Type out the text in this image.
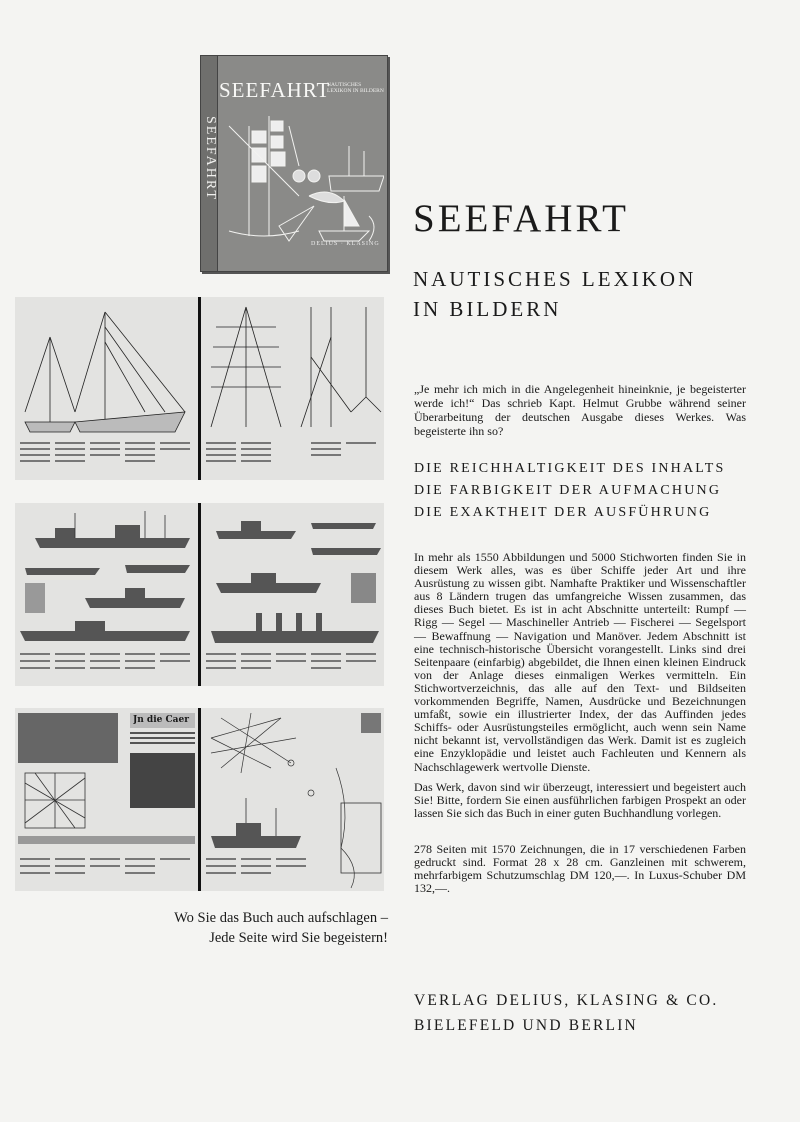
SEEFAHRT
SEEFAHRT
NAUTISCHES LEXIKON IN BILDERN
DELIUS · KLASING
Jn die Caer
SEEFAHRT
NAUTISCHES LEXIKON
IN BILDERN
„Je mehr ich mich in die Angelegenheit hineinknie, je begeisterter werde ich!“ Das schrieb Kapt. Helmut Grubbe während seiner Überarbeitung der deutschen Ausgabe dieses Werkes. Was begeisterte ihn so?
DIE REICHHALTIGKEIT DES INHALTS
DIE FARBIGKEIT DER AUFMACHUNG
DIE EXAKTHEIT DER AUSFÜHRUNG
In mehr als 1550 Abbildungen und 5000 Stichworten finden Sie in diesem Werk alles, was es über Schiffe jeder Art und ihre Ausrüstung zu wissen gibt. Namhafte Praktiker und Wissenschaftler aus 8 Ländern trugen das umfangreiche Wissen zusammen, das dieses Buch bietet. Es ist in acht Abschnitte unterteilt: Rumpf — Rigg — Segel — Maschineller Antrieb — Fischerei — Segelsport — Bewaffnung — Navigation und Manöver. Jedem Abschnitt ist eine technisch-historische Übersicht vorangestellt. Links sind drei Seitenpaare (einfarbig) abgebildet, die Ihnen einen kleinen Eindruck von der Anlage dieses einmaligen Werkes vermitteln. Ein Stichwortverzeichnis, das alle auf den Text- und Bildseiten vorkommenden Begriffe, Namen, Ausdrücke und Bezeichnungen umfaßt, sowie ein illustrierter Index, der das Auffinden jedes Schiffs- oder Ausrüstungsteiles ermöglicht, auch wenn sein Name nicht bekannt ist, vervollständigen das Werk. Damit ist es zugleich eine Enzyklopädie und leistet auch Fachleuten und Kennern als Nachschlagewerk wertvolle Dienste.
Das Werk, davon sind wir überzeugt, interessiert und begeistert auch Sie! Bitte, fordern Sie einen ausführlichen farbigen Prospekt an oder lassen Sie sich das Buch in einer guten Buchhandlung vorlegen.
278 Seiten mit 1570 Zeichnungen, die in 17 verschiedenen Farben gedruckt sind. Format 28 x 28 cm. Ganzleinen mit schwerem, mehrfarbigem Schutzumschlag DM 120,—. In Luxus-Schuber DM 132,—.
Wo Sie das Buch auch aufschlagen –
Jede Seite wird Sie begeistern!
VERLAG DELIUS, KLASING & CO.
BIELEFELD UND BERLIN
